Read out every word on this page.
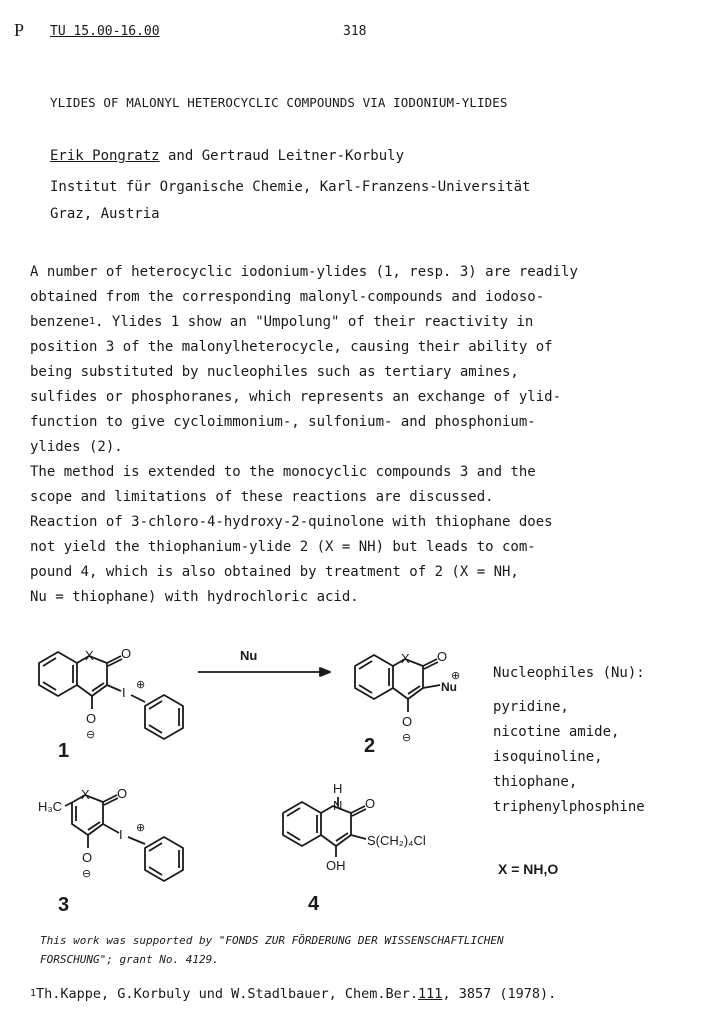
P TU 15.00-16.00	318
YLIDES OF MALONYL HETEROCYCLIC COMPOUNDS VIA IODONIUM-YLIDES
Erik Pongratz and Gertraud Leitner-Korbuly
Institut für Organische Chemie, Karl-Franzens-Universität
Graz, Austria
A number of heterocyclic iodonium-ylides (1, resp. 3) are readily
obtained from the corresponding malonyl-compounds and iodoso-
benzene$^1$. Ylides 1 show an "Umpolung" of their reactivity in
position 3 of the malonylheterocycle, causing their ability of
being substituted by nucleophiles such as tertiary amines,
sulfides or phosphoranes, which represents an exchange of ylid-
function to give cycloimmonium-, sulfonium- and phosphonium-
ylides (2).
The method is extended to the monocyclic compounds 3 and the
scope and limitations of these reactions are discussed.
Reaction of 3-chloro-4-hydroxy-2-quinolone with thiophane does
not yield the thiophanium-ylide 2 (X = NH) but leads to com-
pound 4, which is also obtained by treatment of 2 (X = NH,
Nu = thiophane) with hydrochloric acid.
X O
I ⊕
O
⊖
1
Nu	X O
Nu
⊕
O
⊖
2
H₃C
X O
I ⊕
O
⊖
3
H
N O
S(CH₂)₄Cl
OH
4
Nucleophiles (Nu):
pyridine,
nicotine amide,
isoquinoline,
thiophane,
triphenylphosphine
X = NH,O
This work was supported by "FONDS ZUR FÖRDERUNG DER WISSENSCHAFTLICHEN
FORSCHUNG"; grant No. 4129.
$^1$Th.Kappe, G.Korbuly und W.Stadlbauer, Chem.Ber.111, 3857 (1978).
